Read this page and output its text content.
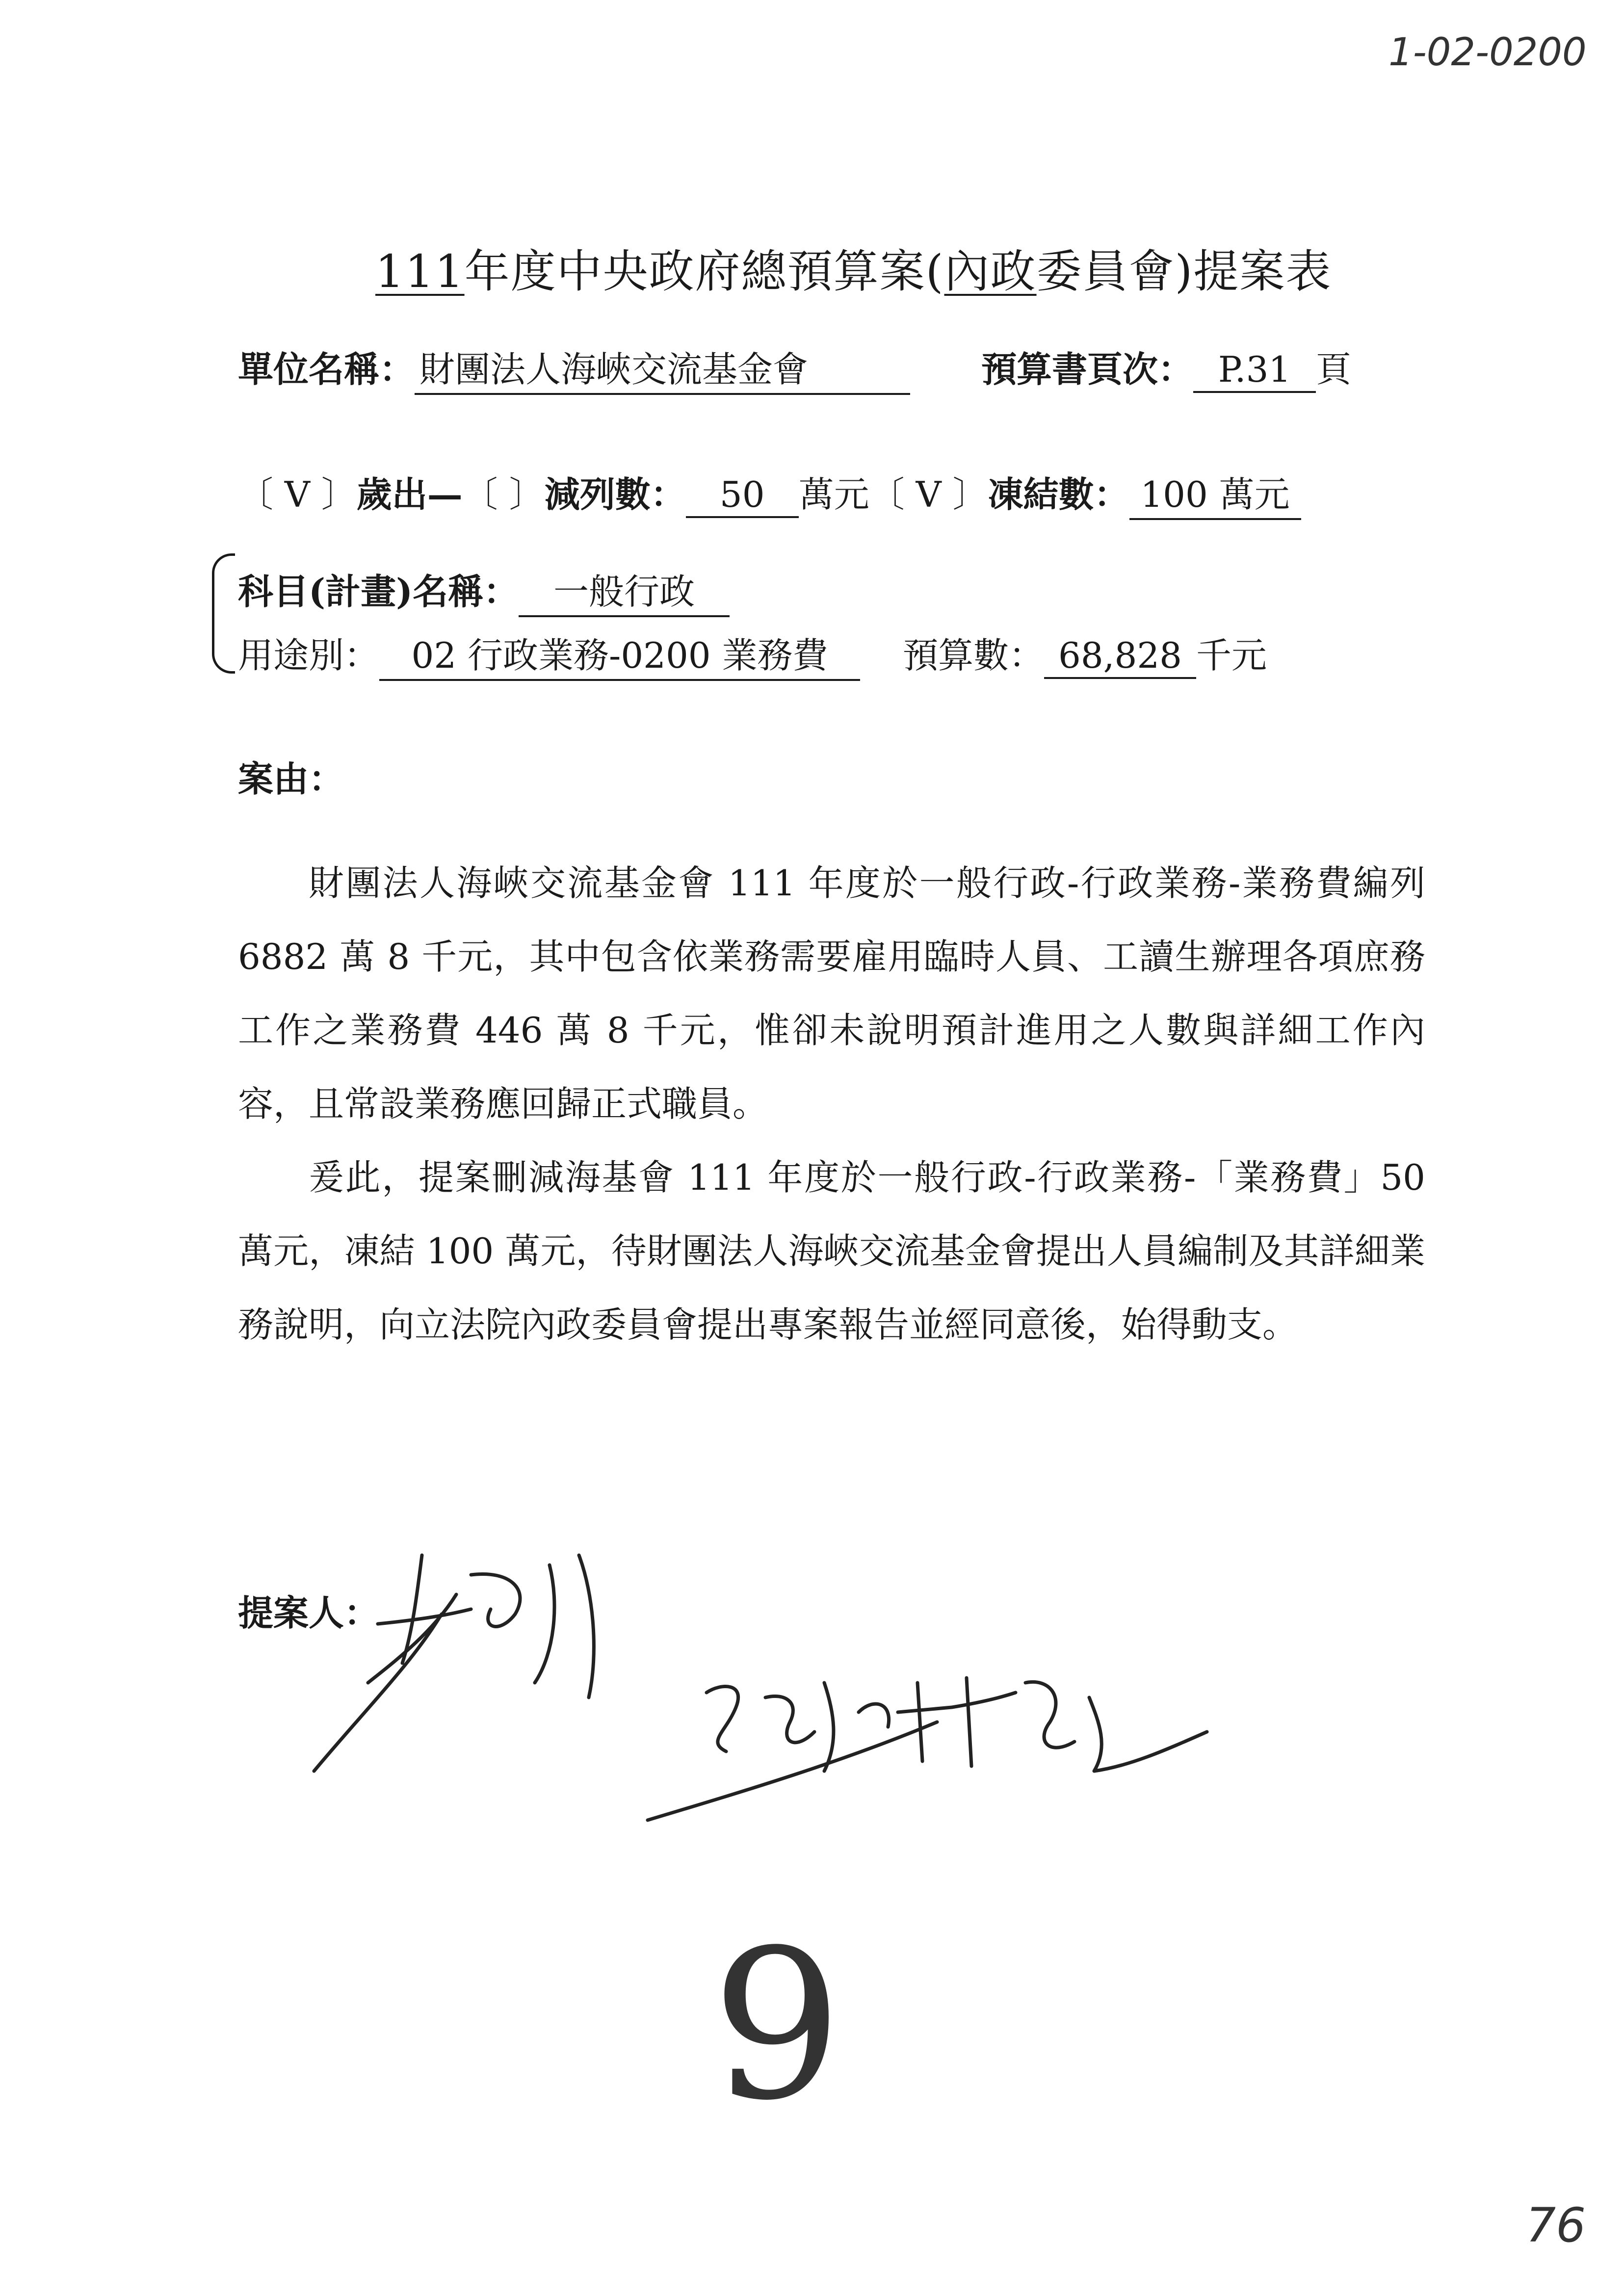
1-02-0200
111年度中央政府總預算案(內政委員會)提案表
單位名稱： 財團法人海峽交流基金會	預算書頁次： P.31 頁
〔 V 〕歲出—〔 〕減列數： 50 萬元〔 V 〕凍結數： 100 萬元
科目(計畫)名稱： 一般行政
用途別： 02 行政業務-0200 業務費	預算數： 68,828 千元
案由：
財團法人海峽交流基金會 111 年度於一般行政-行政業務-業務費編列 6882 萬 8 千元，其中包含依業務需要雇用臨時人員、工讀生辦理各項庶務工作之業務費 446 萬 8 千元，惟卻未說明預計進用之人數與詳細工作內容，且常設業務應回歸正式職員。
爰此，提案刪減海基會 111 年度於一般行政-行政業務-「業務費」50 萬元，凍結 100 萬元，待財團法人海峽交流基金會提出人員編制及其詳細業務說明，向立法院內政委員會提出專案報告並經同意後，始得動支。
提案人：
9
76
